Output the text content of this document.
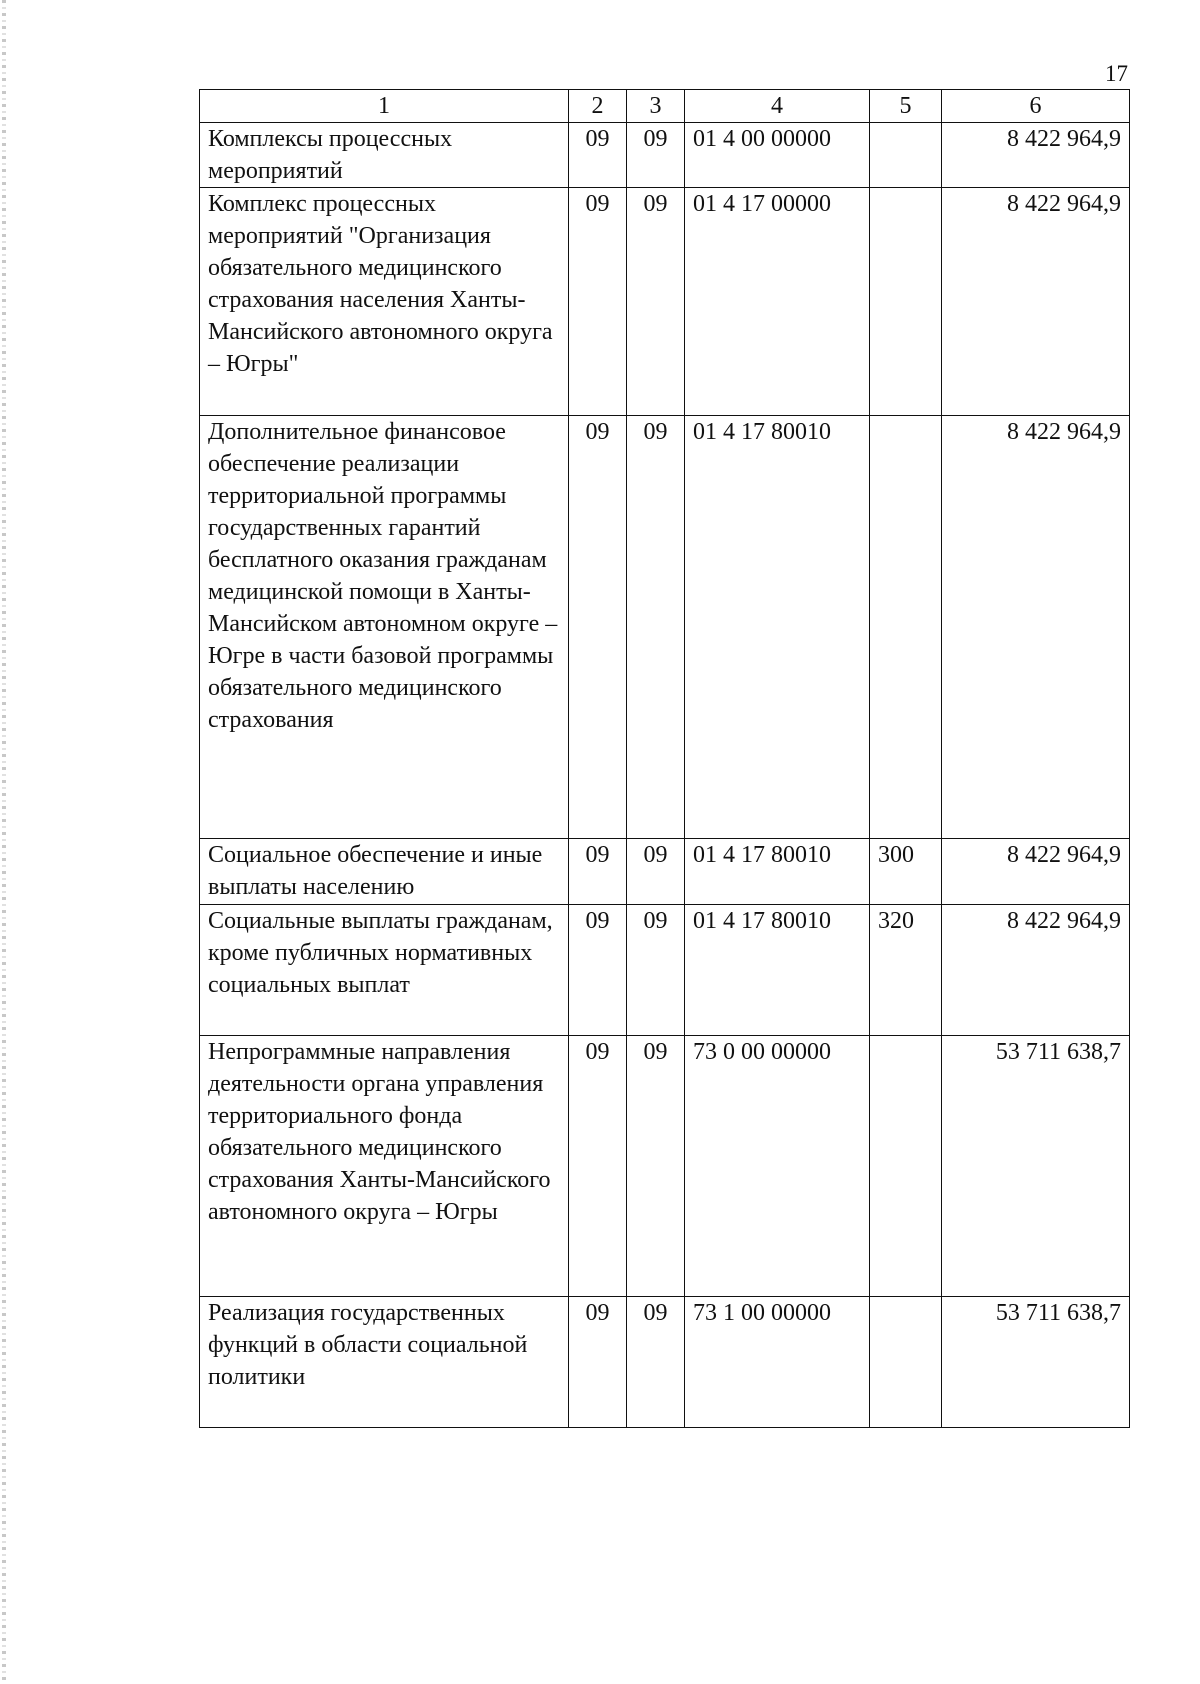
17
1	2	3	4	5	6
Комплексы процессных мероприятий	09	09	01 4 00 00000		8 422 964,9
Комплекс процессных мероприятий "Организация обязательного медицинского страхования населения Ханты-Мансийского автономного округа – Югры"	09	09	01 4 17 00000		8 422 964,9
Дополнительное финансовое обеспечение реализации территориальной программы государственных гарантий бесплатного оказания гражданам медицинской помощи в Ханты-Мансийском автономном округе – Югре в части базовой программы обязательного медицинского страхования	09	09	01 4 17 80010		8 422 964,9
Социальное обеспечение и иные выплаты населению	09	09	01 4 17 80010	300	8 422 964,9
Социальные выплаты гражданам, кроме публичных нормативных социальных выплат	09	09	01 4 17 80010	320	8 422 964,9
Непрограммные направления деятельности органа управления территориального фонда обязательного медицинского страхования Ханты-Мансийского автономного округа – Югры	09	09	73 0 00 00000		53 711 638,7
Реализация государственных функций в области социальной политики	09	09	73 1 00 00000		53 711 638,7
